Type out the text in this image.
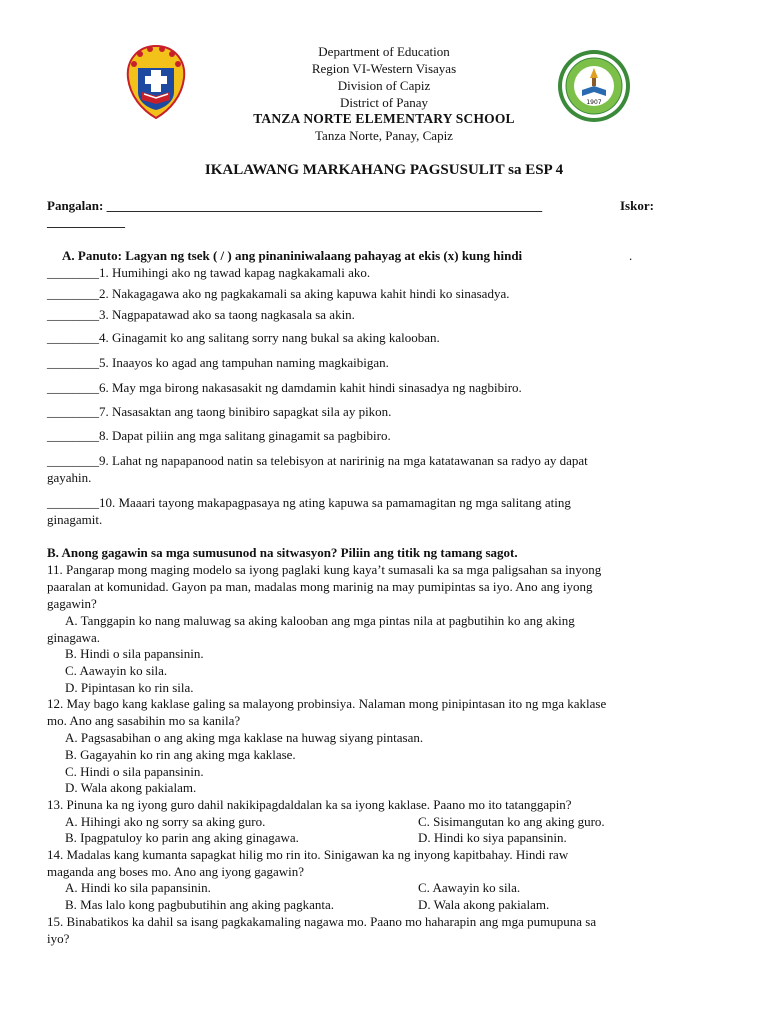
1907
Department of Education
Region VI-Western Visayas
Division of Capiz
District of Panay
TANZA NORTE ELEMENTARY SCHOOL
Tanza Norte, Panay, Capiz
IKALAWANG MARKAHANG PAGSUSULIT sa ESP 4
Pangalan: ___________________________________________________________________	Iskor:
____________
A. Panuto: Lagyan ng tsek ( / ) ang pinaniniwalaang pahayag at ekis (x) kung hindi	.
________1. Humihingi ako ng tawad kapag nagkakamali ako.
________2. Nakagagawa ako ng pagkakamali sa aking kapuwa kahit hindi ko sinasadya.
________3. Nagpapatawad ako sa taong nagkasala sa akin.
________4. Ginagamit ko ang salitang sorry nang bukal sa aking kalooban.
________5. Inaayos ko agad ang tampuhan naming magkaibigan.
________6. May mga birong nakasasakit ng damdamin kahit hindi sinasadya ng nagbibiro.
________7. Nasasaktan ang taong binibiro sapagkat sila ay pikon.
________8. Dapat piliin ang mga salitang ginagamit sa pagbibiro.
________9. Lahat ng napapanood natin sa telebisyon at naririnig na mga katatawanan sa radyo ay dapat
gayahin.
________10. Maaari tayong makapagpasaya ng ating kapuwa sa pamamagitan ng mga salitang ating
ginagamit.
B. Anong gagawin sa mga sumusunod na sitwasyon? Piliin ang titik ng tamang sagot.
11. Pangarap mong maging modelo sa iyong paglaki kung kaya’t sumasali ka sa mga paligsahan sa inyong
paaralan at komunidad. Gayon pa man, madalas mong marinig na may pumipintas sa iyo. Ano ang iyong
gagawin?
A. Tanggapin ko nang maluwag sa aking kalooban ang mga pintas nila at pagbutihin ko ang aking
ginagawa.
B. Hindi o sila papansinin.
C. Aawayin ko sila.
D. Pipintasan ko rin sila.
12. May bago kang kaklase galing sa malayong probinsiya. Nalaman mong pinipintasan ito ng mga kaklase
mo. Ano ang sasabihin mo sa kanila?
A. Pagsasabihan o ang aking mga kaklase na huwag siyang pintasan.
B. Gagayahin ko rin ang aking mga kaklase.
C. Hindi o sila papansinin.
D. Wala akong pakialam.
13. Pinuna ka ng iyong guro dahil nakikipagdaldalan ka sa iyong kaklase. Paano mo ito tatanggapin?
A. Hihingi ako ng sorry sa aking guro.	C. Sisimangutan ko ang aking guro.
B. Ipagpatuloy ko parin ang aking ginagawa.	D. Hindi ko siya papansinin.
14. Madalas kang kumanta sapagkat hilig mo rin ito. Sinigawan ka ng inyong kapitbahay. Hindi raw
maganda ang boses mo. Ano ang iyong gagawin?
A. Hindi ko sila papansinin.	C. Aawayin ko sila.
B. Mas lalo kong pagbubutihin ang aking pagkanta.	D. Wala akong pakialam.
15. Binabatikos ka dahil sa isang pagkakamaling nagawa mo. Paano mo haharapin ang mga pumupuna sa
iyo?
